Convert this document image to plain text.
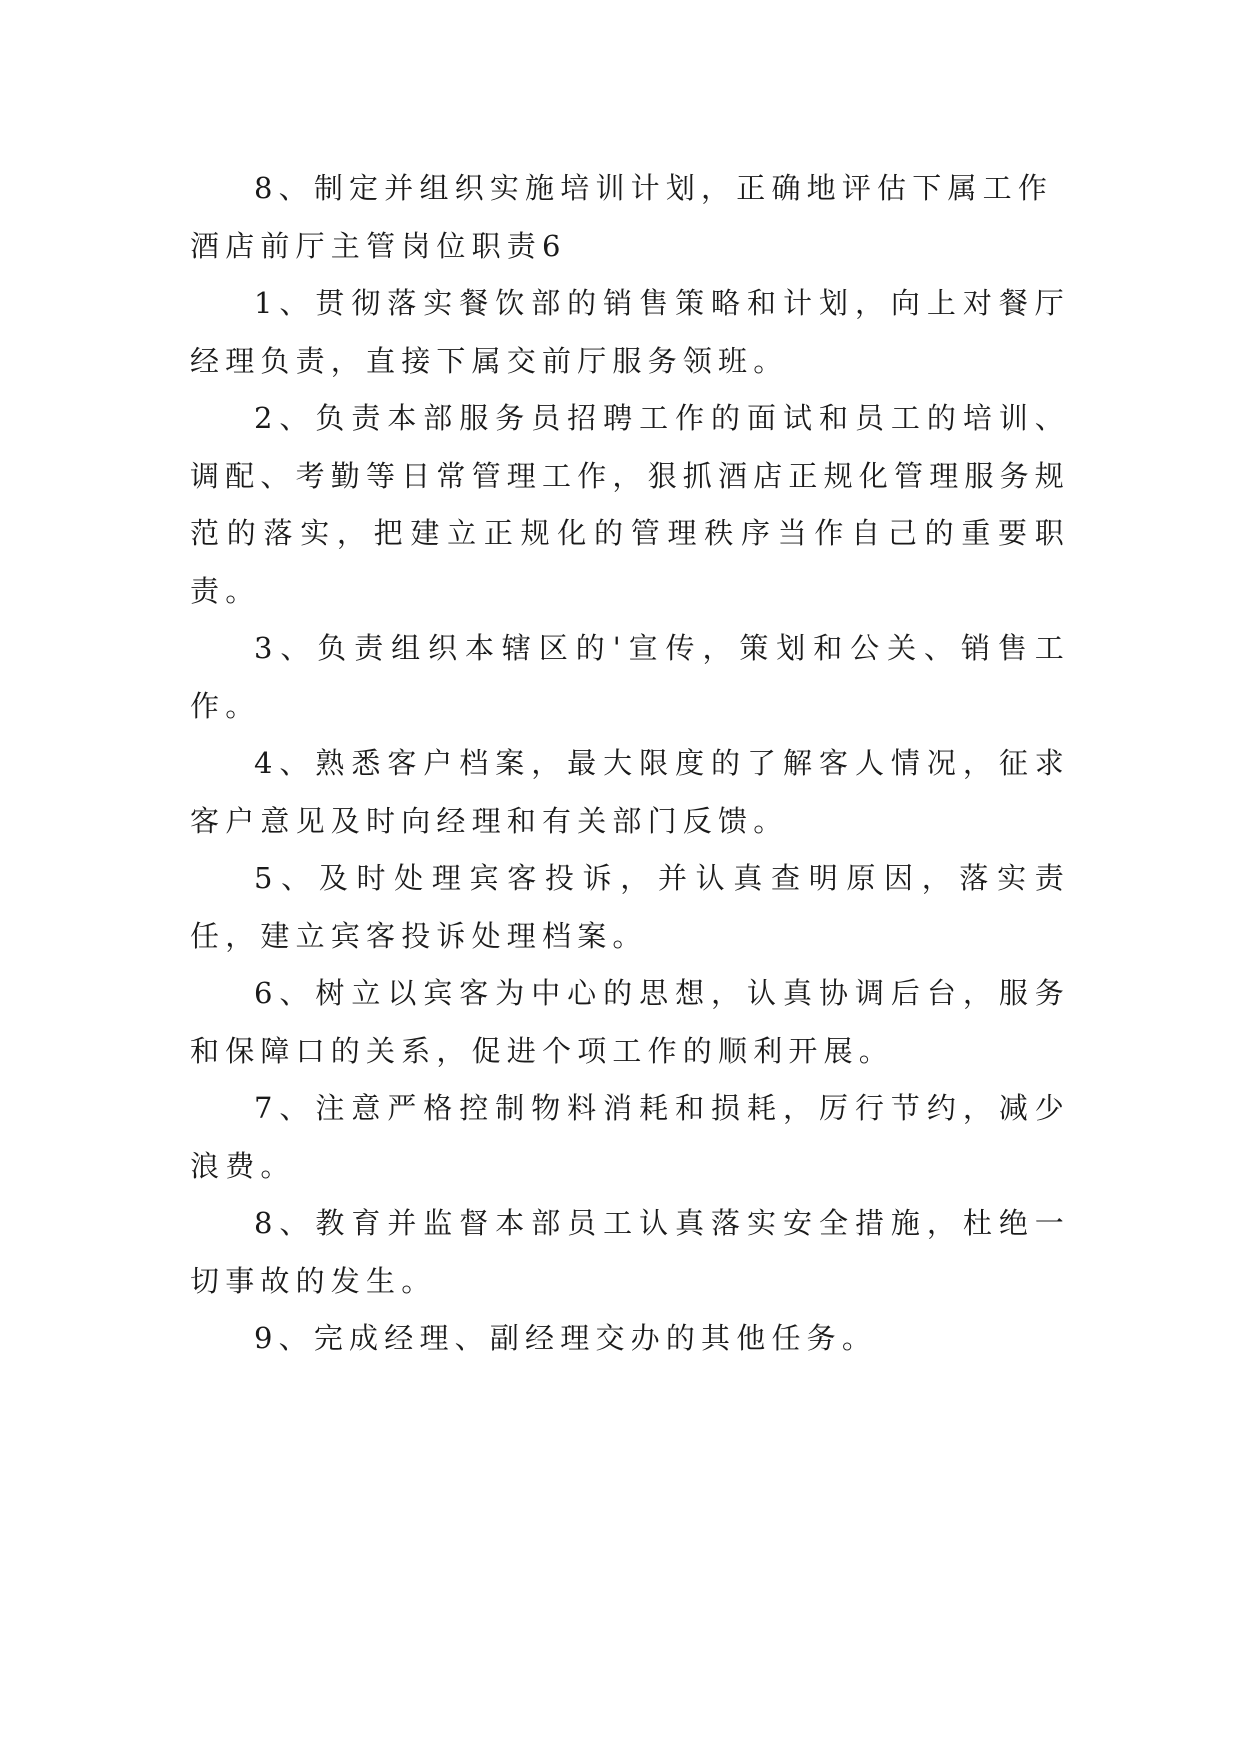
8、制定并组织实施培训计划，正确地评估下属工作

酒店前厅主管岗位职责6

1、贯彻落实餐饮部的销售策略和计划，向上对餐厅经理负责，直接下属交前厅服务领班。

2、负责本部服务员招聘工作的面试和员工的培训、调配、考勤等日常管理工作，狠抓酒店正规化管理服务规范的落实，把建立正规化的管理秩序当作自己的重要职责。

3、负责组织本辖区的'宣传，策划和公关、销售工作。

4、熟悉客户档案，最大限度的了解客人情况，征求客户意见及时向经理和有关部门反馈。

5、及时处理宾客投诉，并认真查明原因，落实责任，建立宾客投诉处理档案。

6、树立以宾客为中心的思想，认真协调后台，服务和保障口的关系，促进个项工作的顺利开展。

7、注意严格控制物料消耗和损耗，厉行节约，减少浪费。

8、教育并监督本部员工认真落实安全措施，杜绝一切事故的发生。

9、完成经理、副经理交办的其他任务。
